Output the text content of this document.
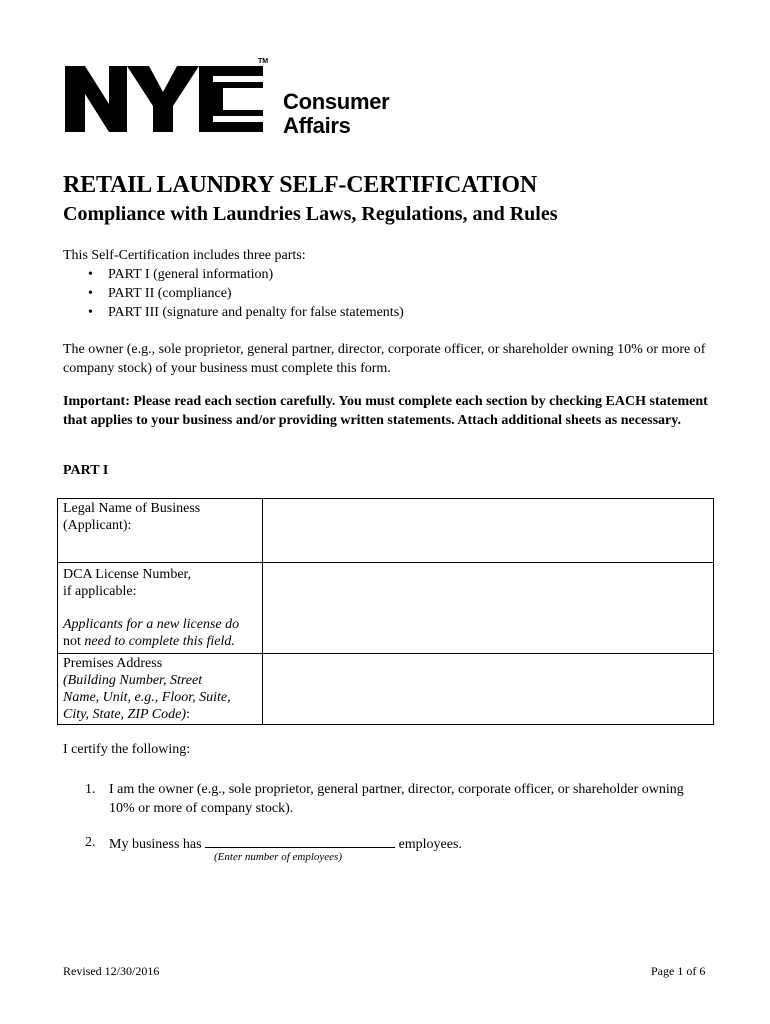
TM
Consumer
Affairs
RETAIL LAUNDRY SELF-CERTIFICATION
Compliance with Laundries Laws, Regulations, and Rules
This Self-Certification includes three parts:
• PART I (general information)
• PART II (compliance)
• PART III (signature and penalty for false statements)
The owner (e.g., sole proprietor, general partner, director, corporate officer, or shareholder owning 10% or more of company stock) of your business must complete this form.
Important: Please read each section carefully. You must complete each section by checking EACH statement that applies to your business and/or providing written statements. Attach additional sheets as necessary.
PART I
Legal Name of Business
(Applicant):	

DCA License Number,
if applicable:
Applicants for a new license do
not need to complete this field.	

Premises Address
(Building Number, Street
Name, Unit, e.g., Floor, Suite,
City, State, ZIP Code):	

I certify the following:
1. I am the owner (e.g., sole proprietor, general partner, director, corporate officer, or shareholder owning 10% or more of company stock).
2. My business has	employees.
(Enter number of employees)
Revised 12/30/2016	Page 1 of 6
